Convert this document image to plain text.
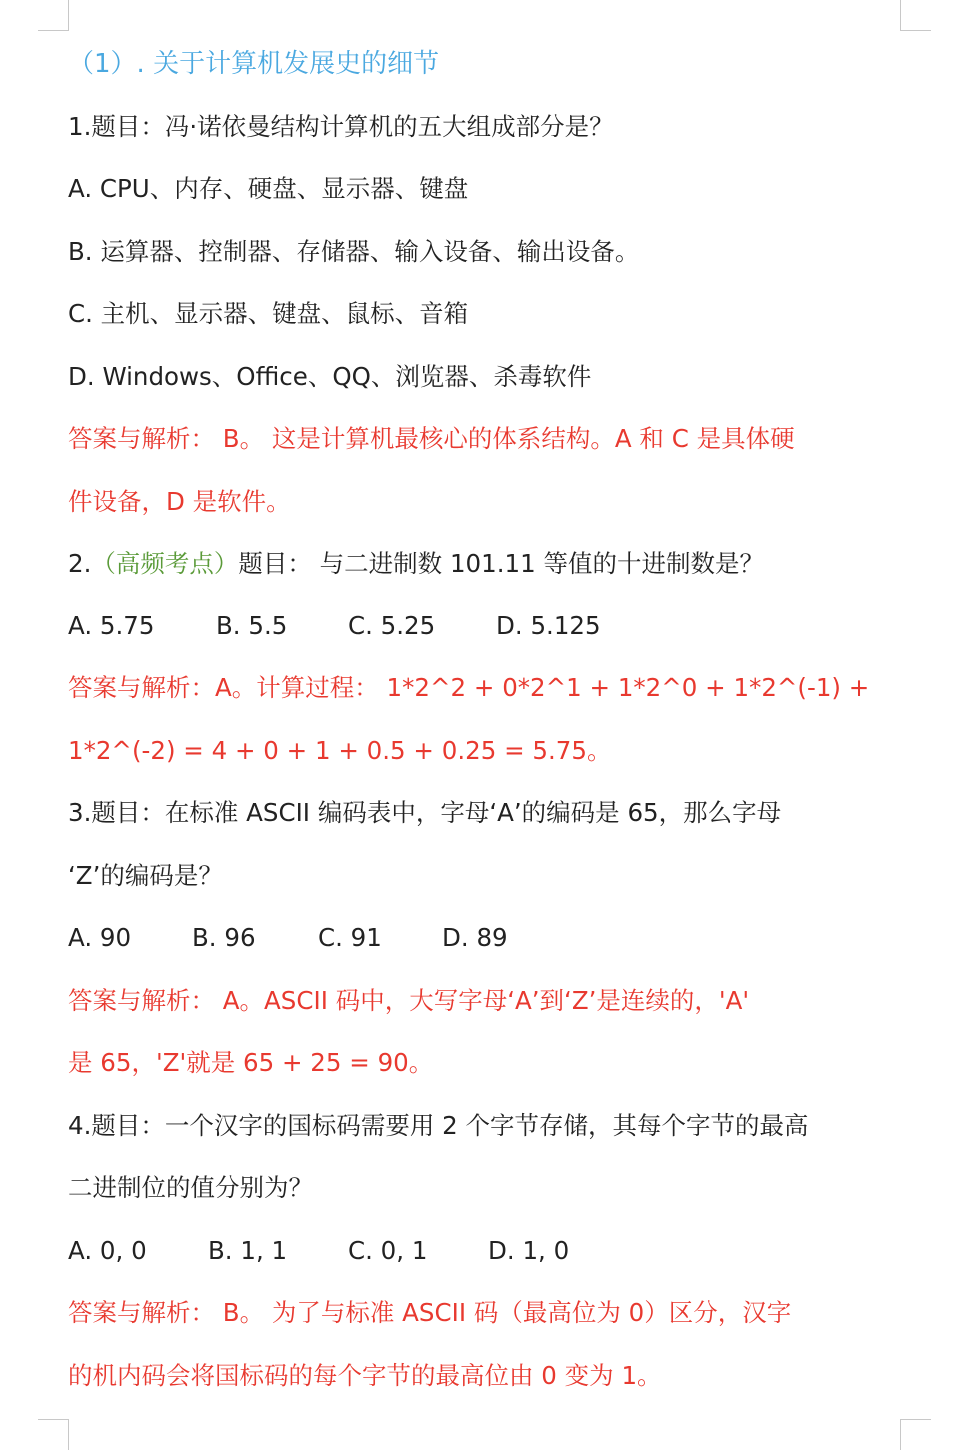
（1）. 关于计算机发展史的细节
1.题目：冯·诺依曼结构计算机的五大组成部分是？
A. CPU、内存、硬盘、显示器、键盘
B. 运算器、控制器、存储器、输入设备、输出设备。
C. 主机、显示器、键盘、鼠标、音箱
D. Windows、Office、QQ、浏览器、杀毒软件
答案与解析： B。 这是计算机最核心的体系结构。A 和 C 是具体硬
件设备，D 是软件。
2.（高频考点）题目： 与二进制数 101.11 等值的十进制数是？
A. 5.75	B. 5.5 C. 5.25 D. 5.125
答案与解析：A。计算过程： 1*2^2 + 0*2^1 + 1*2^0 + 1*2^(-1) +
1*2^(-2) = 4 + 0 + 1 + 0.5 + 0.25 = 5.75。
3.题目：在标准 ASCII 编码表中，字母‘A’的编码是 65，那么字母
‘Z’的编码是？
A. 90 B. 96	C. 91 D. 89
答案与解析： A。ASCII 码中，大写字母‘A’到‘Z’是连续的，'A'
是 65，'Z'就是 65 + 25 = 90。
4.题目：一个汉字的国标码需要用 2 个字节存储，其每个字节的最高
二进制位的值分别为？
A. 0, 0	B. 1, 1 C. 0, 1 D. 1, 0
答案与解析： B。 为了与标准 ASCII 码（最高位为 0）区分，汉字
的机内码会将国标码的每个字节的最高位由 0 变为 1。
